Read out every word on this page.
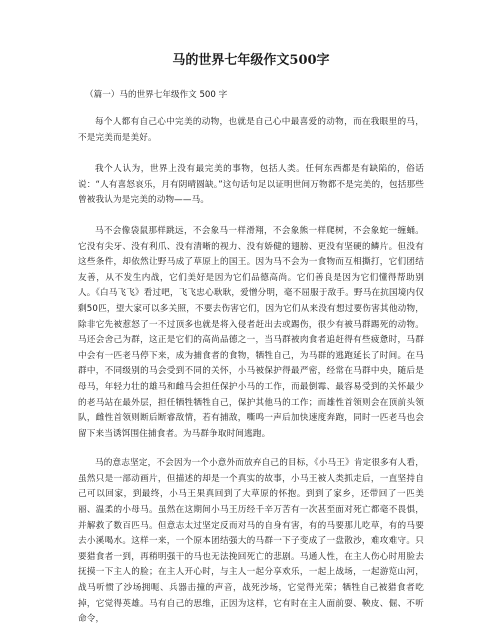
马的世界七年级作文500字
（篇一）马的世界七年级作文 500 字

每个人都有自己心中完美的动物，也就是自己心中最喜爱的动物，而在我眼里的马，不是完美而是美好。

我个人认为，世界上没有最完美的事物，包括人类。任何东西都是有缺陷的，俗话说：“人有喜怒哀乐，月有阴晴圆缺。”这句话句足以证明世间万物都不是完美的，包括那些曾被我认为是完美的动物——马。

马不会像袋鼠那样跳远，不会象马一样滑翔，不会象熊一样爬树，不会象蛇一缠蛹。它没有尖牙、没有利爪、没有清晰的视力、没有娇健的翅膀、更没有坚硬的鳞片。但没有这些条件，却依然让野马成了草原上的国王。因为马不会为一食物而互相撕打，它们团结友善，从不发生内战，它们美好是因为它们品德高尚。它们善良是因为它们懂得帮助别人。《白马飞飞》看过吧，飞飞忠心耿耿，爱憎分明，毫不屈服于敌手。野马在抗国境内仅剩50匹，望大家可以多关照，不要去伤害它们，因为它们从来没有想过要伤害其他动物，除非它先被惹怒了一不过顶多也就是将入侵者赶出去或踢伤，很少有被马群踢死的动物。马还会舍己为群，这正是它们的高尚品德之一，当马群被肉食者追赶得有些疲惫时，马群中会有一匹老马停下来，成为捕食者的食物，牺牲自己，为马群的逃跑延长了时间。在马群中，不同级别的马会受到不同的关怀，小马被保护得最严密，经常在马群中央，随后是母马，年轻力壮的雄马和雌马会担任保护小马的工作，而最倒霉、最容易受到的关怀最少的老马站在最外层，担任牺牲牺牲自己，保护其他马的工作；而雄性首领则会在顶前头领队，雌性首领则断后断睿敌情，若有捕敌，嘶鸣一声后加快速度奔跑，同时一匹老马也会留下来当诱饵围住捕食者。为马群争取时间逃跑。

马的意志坚定，不会因为一个小意外而放弃自己的目标，《小马王》肯定很多有人看，虽然只是一部动画片，但描述的却是一个真实的故事，小马王被人类抓走后，一直坚持自己可以回家，到最终，小马王果真回到了大草原的怀抱。到到了家乡，还带回了一匹美丽、温柔的小母马。虽然在这期间小马王历经千辛万苦有一次甚至面对死亡都毫不畏惧，并解救了数百匹马。但意志太过坚定反而对马的自身有害，有的马要那儿吃草，有的马要去小溪喝水。这样一来，一个原本团结强大的马群一下子变成了一盘散沙，难攻难守。只要猎食者一到，再稍明强干的马也无法挽回死亡的悲剧。马通人性，在主人伤心时用脸去抚摸一下主人的脸；在主人开心时，与主人一起分享欢乐，一起上战场，一起游览山河，战马听惯了沙场拥呃、兵器击撞的声音，战死沙场，它觉得光荣；牺牲自己被猎食者吃掉，它觉得英雄。马有自己的思维，正因为这样，它有时在主人面前耍、鞅皮、倔、不听命令，
